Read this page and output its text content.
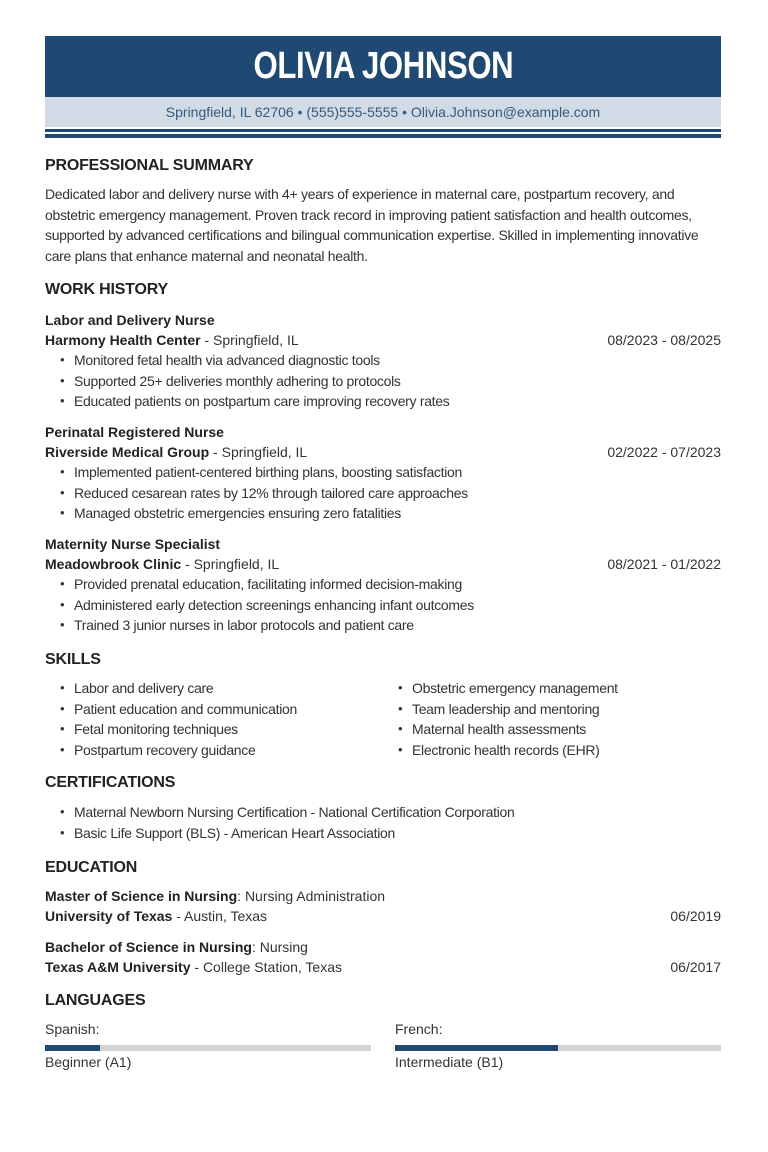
OLIVIA JOHNSON
Springfield, IL 62706 • (555)555-5555 • Olivia.Johnson@example.com
PROFESSIONAL SUMMARY
Dedicated labor and delivery nurse with 4+ years of experience in maternal care, postpartum recovery, and obstetric emergency management. Proven track record in improving patient satisfaction and health outcomes, supported by advanced certifications and bilingual communication expertise. Skilled in implementing innovative care plans that enhance maternal and neonatal health.
WORK HISTORY
Labor and Delivery Nurse
Harmony Health Center - Springfield, IL	08/2023 - 08/2025
• Monitored fetal health via advanced diagnostic tools
• Supported 25+ deliveries monthly adhering to protocols
• Educated patients on postpartum care improving recovery rates
Perinatal Registered Nurse
Riverside Medical Group - Springfield, IL	02/2022 - 07/2023
• Implemented patient-centered birthing plans, boosting satisfaction
• Reduced cesarean rates by 12% through tailored care approaches
• Managed obstetric emergencies ensuring zero fatalities
Maternity Nurse Specialist
Meadowbrook Clinic - Springfield, IL	08/2021 - 01/2022
• Provided prenatal education, facilitating informed decision-making
• Administered early detection screenings enhancing infant outcomes
• Trained 3 junior nurses in labor protocols and patient care
SKILLS
• Labor and delivery care
• Patient education and communication
• Fetal monitoring techniques
• Postpartum recovery guidance
• Obstetric emergency management
• Team leadership and mentoring
• Maternal health assessments
• Electronic health records (EHR)
CERTIFICATIONS
• Maternal Newborn Nursing Certification - National Certification Corporation
• Basic Life Support (BLS) - American Heart Association
EDUCATION
Master of Science in Nursing: Nursing Administration
University of Texas - Austin, Texas	06/2019
Bachelor of Science in Nursing: Nursing
Texas A&M University - College Station, Texas	06/2017
LANGUAGES
Spanish:
Beginner (A1)
French:
Intermediate (B1)
